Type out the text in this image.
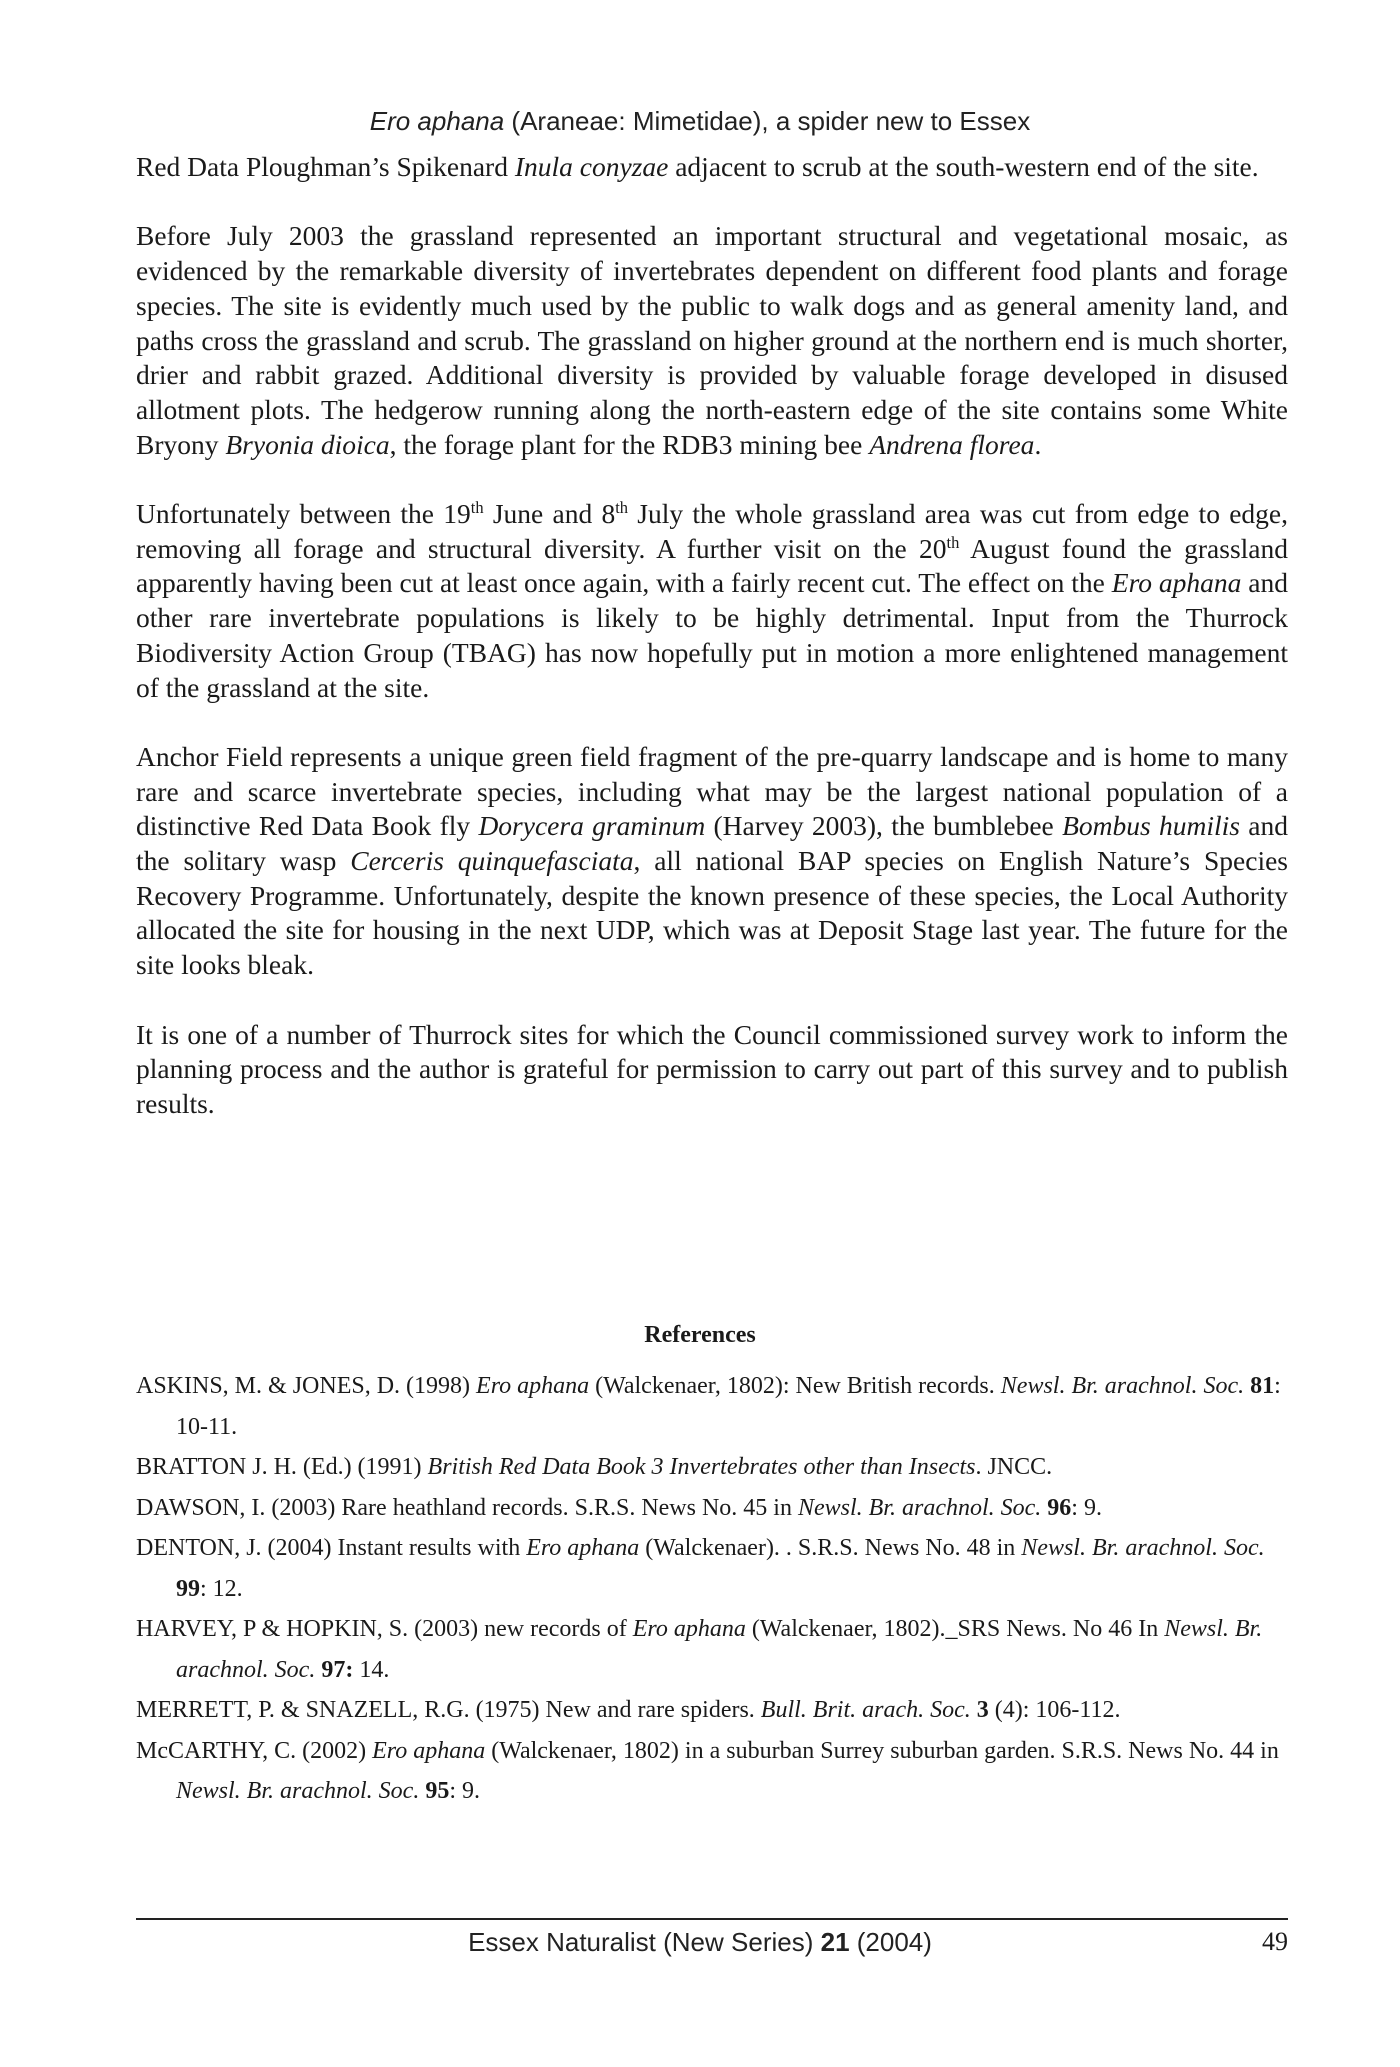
Ero aphana (Araneae: Mimetidae), a spider new to Essex

Red Data Ploughman’s Spikenard Inula conyzae adjacent to scrub at the south-western end of the site.

Before July 2003 the grassland represented an important structural and vegetational mosaic, as evidenced by the remarkable diversity of invertebrates dependent on different food plants and forage species. The site is evidently much used by the public to walk dogs and as general amenity land, and paths cross the grassland and scrub. The grassland on higher ground at the northern end is much shorter, drier and rabbit grazed. Additional diversity is provided by valuable forage developed in disused allotment plots. The hedgerow running along the north-eastern edge of the site contains some White Bryony Bryonia dioica, the forage plant for the RDB3 mining bee Andrena florea.

Unfortunately between the 19th June and 8th July the whole grassland area was cut from edge to edge, removing all forage and structural diversity. A further visit on the 20th August found the grassland apparently having been cut at least once again, with a fairly recent cut. The effect on the Ero aphana and other rare invertebrate populations is likely to be highly detrimental. Input from the Thurrock Biodiversity Action Group (TBAG) has now hopefully put in motion a more enlightened management of the grassland at the site.

Anchor Field represents a unique green field fragment of the pre-quarry landscape and is home to many rare and scarce invertebrate species, including what may be the largest national population of a distinctive Red Data Book fly Dorycera graminum (Harvey 2003), the bumblebee Bombus humilis and the solitary wasp Cerceris quinquefasciata, all national BAP species on English Nature’s Species Recovery Programme. Unfortunately, despite the known presence of these species, the Local Authority allocated the site for housing in the next UDP, which was at Deposit Stage last year. The future for the site looks bleak.

It is one of a number of Thurrock sites for which the Council commissioned survey work to inform the planning process and the author is grateful for permission to carry out part of this survey and to publish results.

References

ASKINS, M. & JONES, D. (1998) Ero aphana (Walckenaer, 1802): New British records. Newsl. Br. arachnol. Soc. 81: 10-11.

BRATTON J. H. (Ed.) (1991) British Red Data Book 3 Invertebrates other than Insects. JNCC.

DAWSON, I. (2003) Rare heathland records. S.R.S. News No. 45 in Newsl. Br. arachnol. Soc. 96: 9.

DENTON, J. (2004) Instant results with Ero aphana (Walckenaer). . S.R.S. News No. 48 in Newsl. Br. arachnol. Soc. 99: 12.

HARVEY, P & HOPKIN, S. (2003) new records of Ero aphana (Walckenaer, 1802)._SRS News. No 46 In Newsl. Br. arachnol. Soc. 97: 14.

MERRETT, P. & SNAZELL, R.G. (1975) New and rare spiders. Bull. Brit. arach. Soc. 3 (4): 106-112.

McCARTHY, C. (2002) Ero aphana (Walckenaer, 1802) in a suburban Surrey suburban garden. S.R.S. News No. 44 in Newsl. Br. arachnol. Soc. 95: 9.

Essex Naturalist (New Series) 21 (2004)	49
